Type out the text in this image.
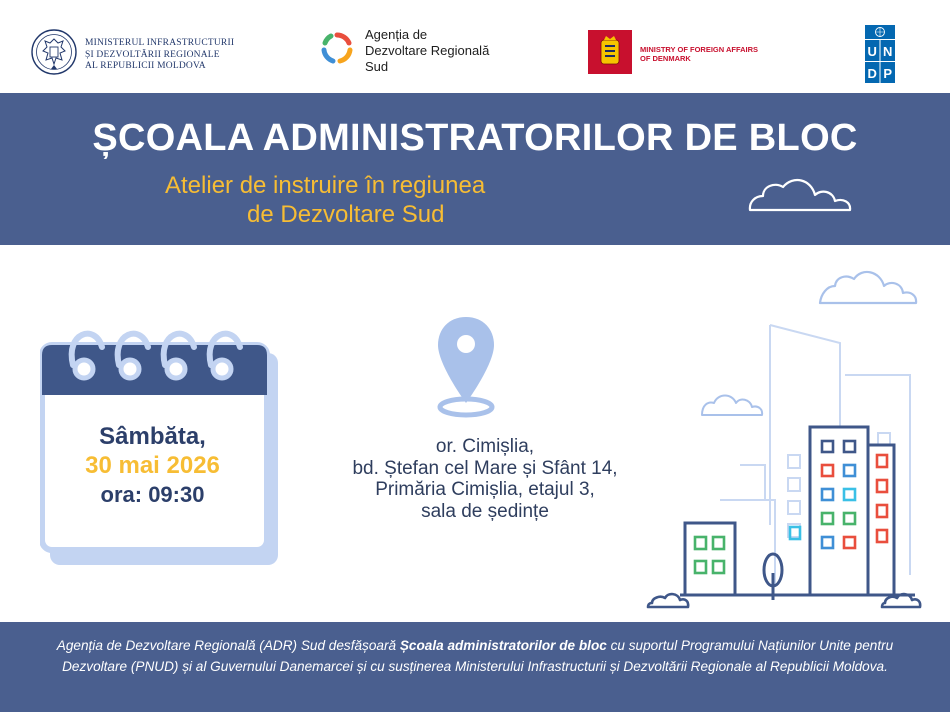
MINISTERUL INFRASTRUCTURII
ȘI DEZVOLTĂRII REGIONALE
AL REPUBLICII MOLDOVA
Agenția de
Dezvoltare Regională
Sud
MINISTRY OF FOREIGN AFFAIRS
OF DENMARK	U N
D P
ȘCOALA ADMINISTRATORILOR DE BLOC
Atelier de instruire în regiunea
de Dezvoltare Sud
Sâmbăta,
30 mai 2026
ora: 09:30
or. Cimișlia,
bd. Ștefan cel Mare și Sfânt 14,
Primăria Cimișlia, etajul 3,
sala de ședințe
Agenția de Dezvoltare Regională (ADR) Sud desfășoară Școala administratorilor de bloc cu suportul Programului Națiunilor Unite pentru Dezvoltare (PNUD) și al Guvernului Danemarcei și cu susținerea Ministerului Infrastructurii și Dezvoltării Regionale al Republicii Moldova.
